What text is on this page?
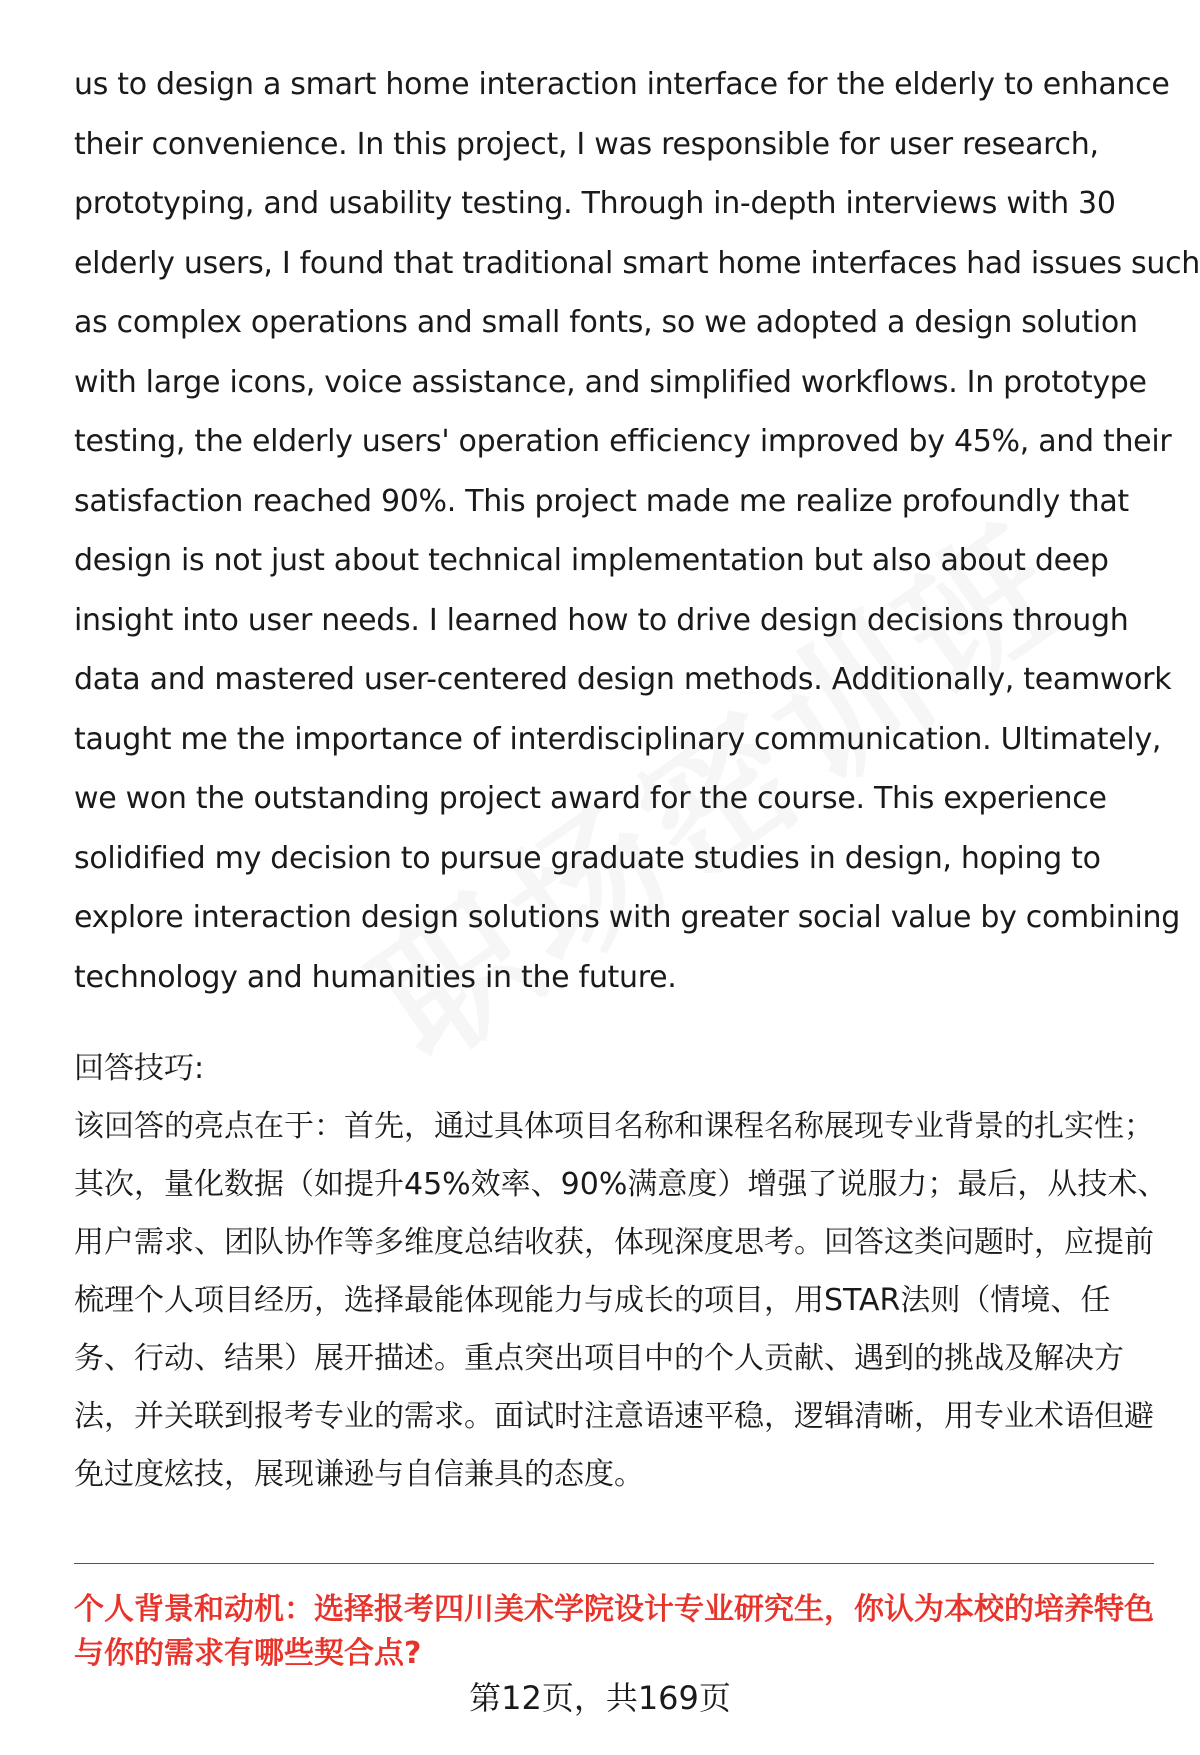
us to design a smart home interaction interface for the elderly to enhance
their convenience. In this project, I was responsible for user research,
prototyping, and usability testing. Through in-depth interviews with 30
elderly users, I found that traditional smart home interfaces had issues such
as complex operations and small fonts, so we adopted a design solution
with large icons, voice assistance, and simplified workflows. In prototype
testing, the elderly users' operation efficiency improved by 45%, and their
satisfaction reached 90%. This project made me realize profoundly that
design is not just about technical implementation but also about deep
insight into user needs. I learned how to drive design decisions through
data and mastered user-centered design methods. Additionally, teamwork
taught me the importance of interdisciplinary communication. Ultimately,
we won the outstanding project award for the course. This experience
solidified my decision to pursue graduate studies in design, hoping to
explore interaction design solutions with greater social value by combining
technology and humanities in the future.
回答技巧:
该回答的亮点在于：首先，通过具体项目名称和课程名称展现专业背景的扎实性；
其次，量化数据（如提升45%效率、90%满意度）增强了说服力；最后，从技术、
用户需求、团队协作等多维度总结收获，体现深度思考。回答这类问题时，应提前
梳理个人项目经历，选择最能体现能力与成长的项目，用STAR法则（情境、任
务、行动、结果）展开描述。重点突出项目中的个人贡献、遇到的挑战及解决方
法，并关联到报考专业的需求。面试时注意语速平稳，逻辑清晰，用专业术语但避
免过度炫技，展现谦逊与自信兼具的态度。
个人背景和动机：选择报考四川美术学院设计专业研究生，你认为本校的培养特色
与你的需求有哪些契合点?
第12页，共169页
